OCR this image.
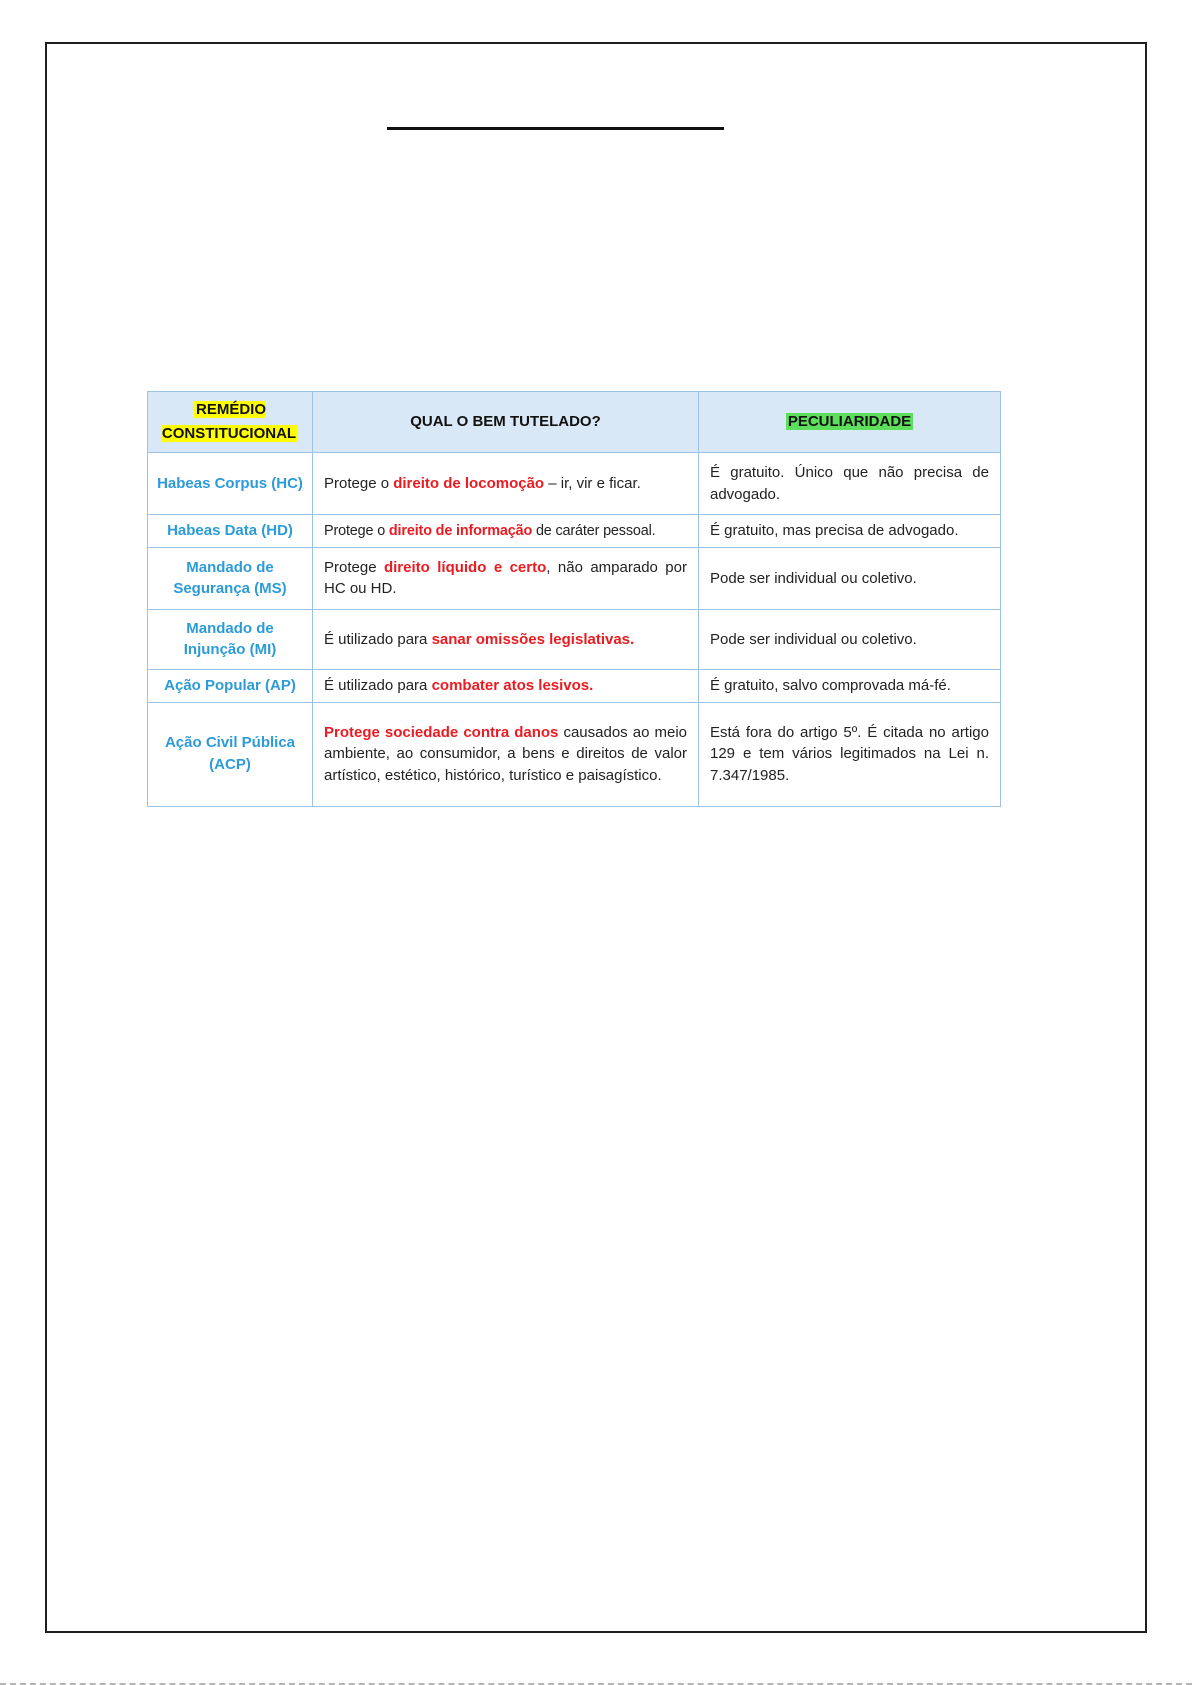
REMÉDIO CONSTITUCIONAL	QUAL O BEM TUTELADO?	PECULIARIDADE
Habeas Corpus (HC)	Protege o direito de locomoção – ir, vir e ficar.	É gratuito. Único que não precisa de advogado.
Habeas Data (HD)	Protege o direito de informação de caráter pessoal.	É gratuito, mas precisa de advogado.
Mandado de Segurança (MS)	Protege direito líquido e certo, não amparado por HC ou HD.	Pode ser individual ou coletivo.
Mandado de Injunção (MI)	É utilizado para sanar omissões legislativas.	Pode ser individual ou coletivo.
Ação Popular (AP)	É utilizado para combater atos lesivos.	É gratuito, salvo comprovada má-fé.
Ação Civil Pública (ACP)	Protege sociedade contra danos causados ao meio ambiente, ao consumidor, a bens e direitos de valor artístico, estético, histórico, turístico e paisagístico.	Está fora do artigo 5º. É citada no artigo 129 e tem vários legitimados na Lei n. 7.347/1985.
